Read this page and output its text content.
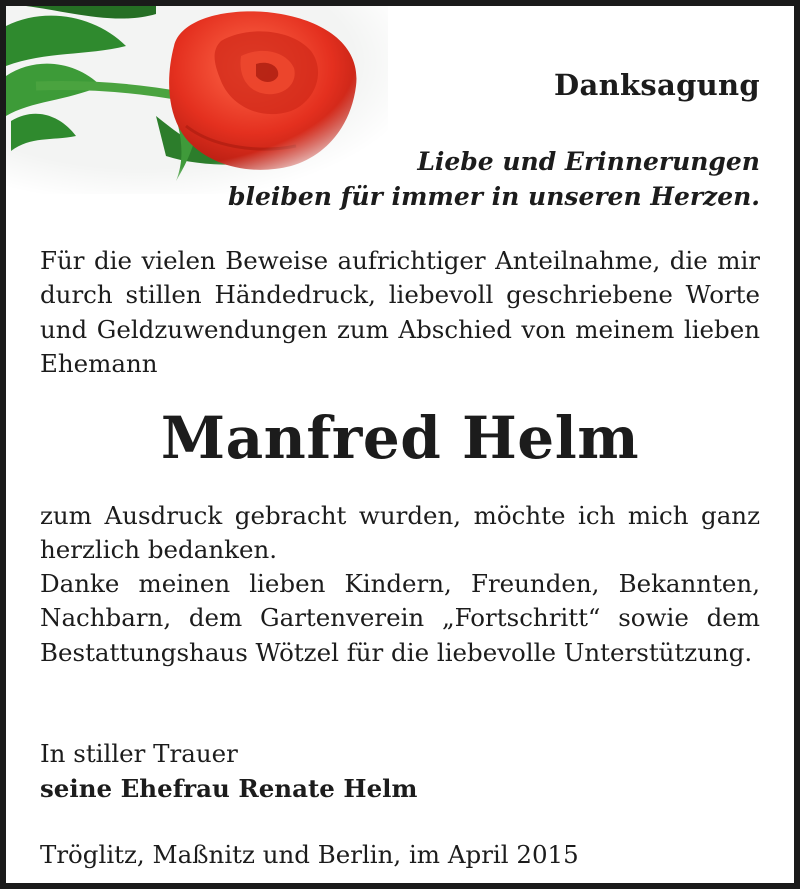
Danksagung
Liebe und Erinnerungen
bleiben für immer in unseren Herzen.
Für die vielen Beweise aufrichtiger Anteilnahme, die mir durch stillen Händedruck, liebevoll geschriebene Worte und Geldzuwendungen zum Abschied von meinem lieben Ehemann
Manfred Helm
zum Ausdruck gebracht wurden, möchte ich mich ganz herzlich bedanken.
Danke meinen lieben Kindern, Freunden, Bekannten, Nachbarn, dem Gartenverein „Fortschritt“ sowie dem Bestattungshaus Wötzel für die liebevolle Unterstützung.
In stiller Trauer
seine Ehefrau Renate Helm
Tröglitz, Maßnitz und Berlin, im April 2015
